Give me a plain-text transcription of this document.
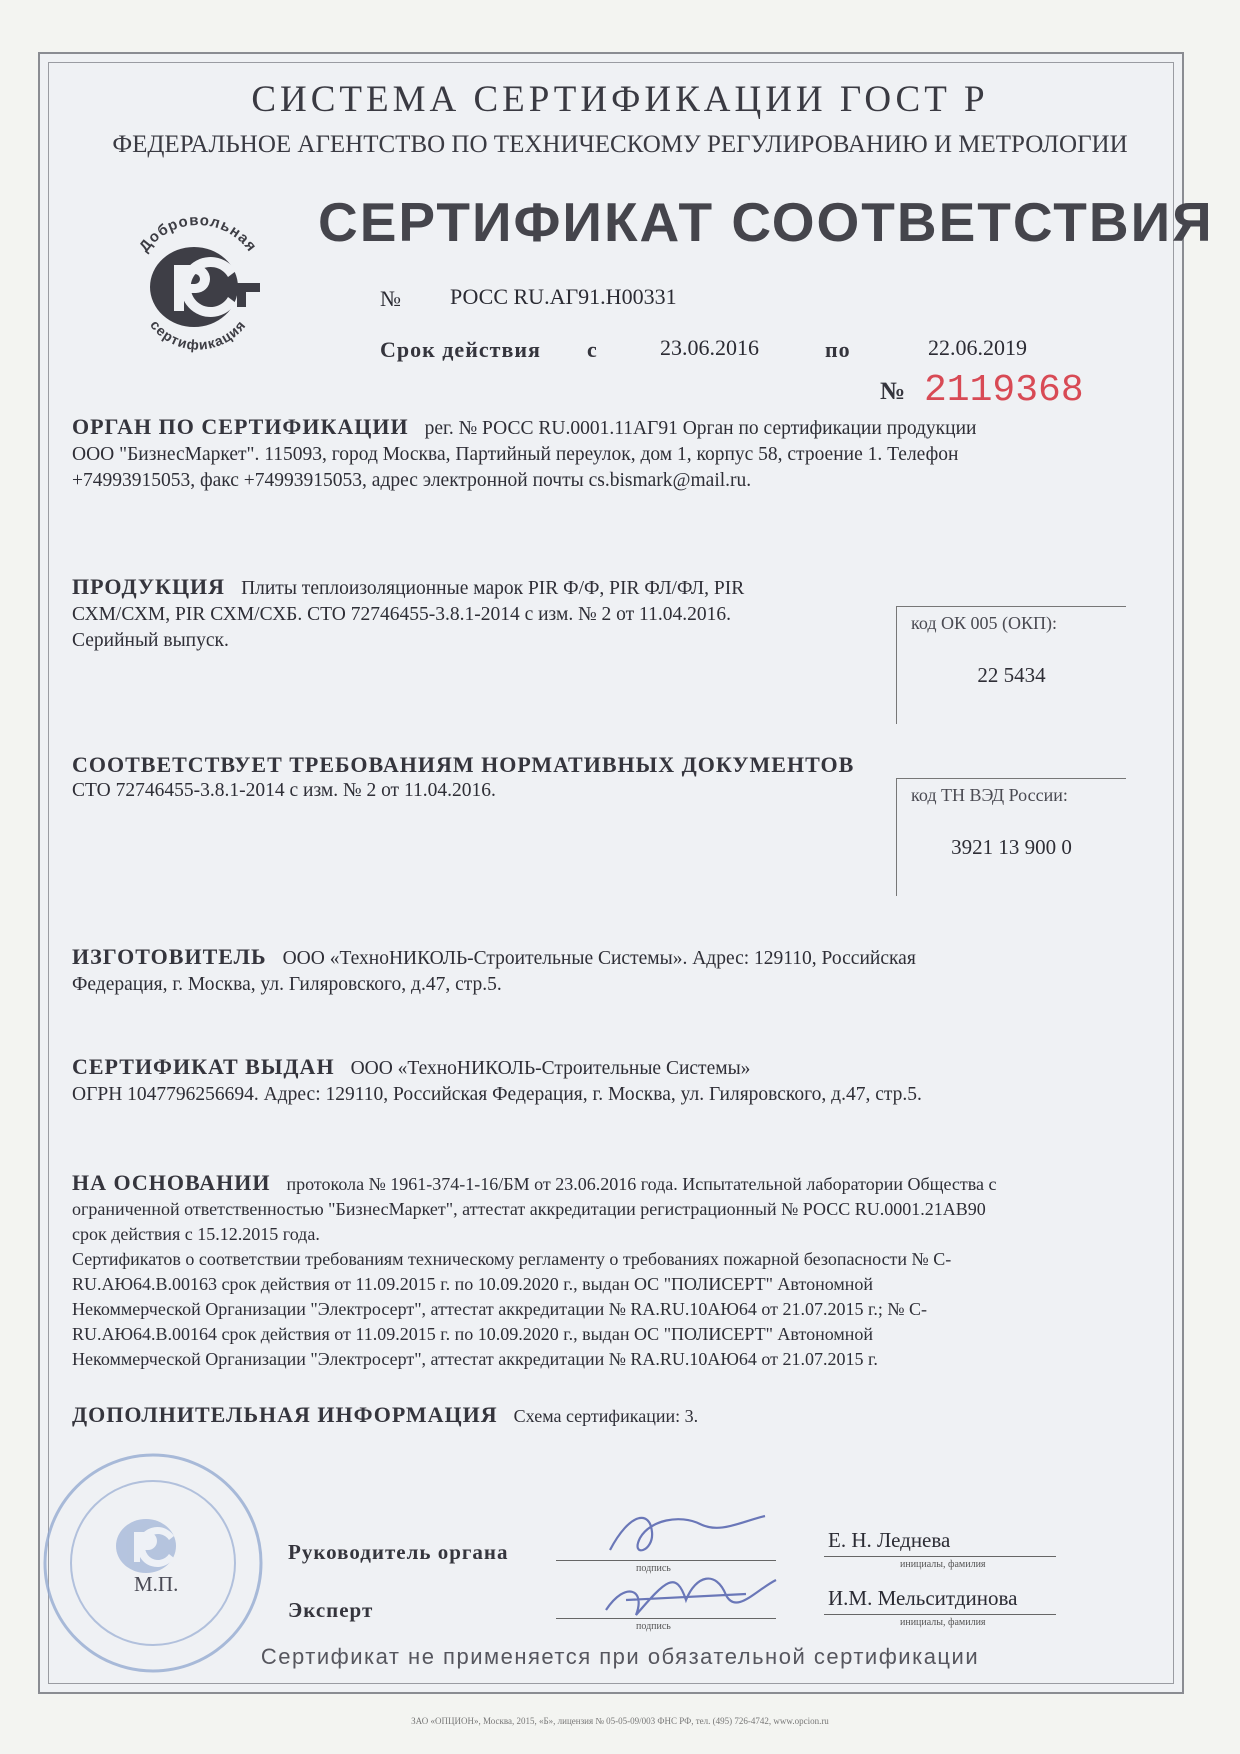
СИСТЕМА СЕРТИФИКАЦИИ ГОСТ Р
ФЕДЕРАЛЬНОЕ АГЕНТСТВО ПО ТЕХНИЧЕСКОМУ РЕГУЛИРОВАНИЮ И МЕТРОЛОГИИ
Добровольная
сертификация
СЕРТИФИКАТ СООТВЕТСТВИЯ
№ РОСС RU.АГ91.Н00331
Срок действия с	23.06.2016	по	22.06.2019
№ 2119368
ОРГАН ПО СЕРТИФИКАЦИИ рег. № РОСС RU.0001.11АГ91 Орган по сертификации продукции
ООО "БизнесМаркет". 115093, город Москва, Партийный переулок, дом 1, корпус 58, строение 1. Телефон
+74993915053, факс +74993915053, адрес электронной почты cs.bismark@mail.ru.
ПРОДУКЦИЯ Плиты теплоизоляционные марок PIR Ф/Ф, PIR ФЛ/ФЛ, PIR
СХМ/СХМ, PIR СХМ/СХБ. СТО 72746455-3.8.1-2014 с изм. № 2 от 11.04.2016.
Серийный выпуск.
код ОК 005 (ОКП):
22 5434
СООТВЕТСТВУЕТ ТРЕБОВАНИЯМ НОРМАТИВНЫХ ДОКУМЕНТОВ
СТО 72746455-3.8.1-2014 с изм. № 2 от 11.04.2016.	код ТН ВЭД России:
3921 13 900 0
ИЗГОТОВИТЕЛЬ ООО «ТехноНИКОЛЬ-Строительные Системы». Адрес: 129110, Российская
Федерация, г. Москва, ул. Гиляровского, д.47, стр.5.
СЕРТИФИКАТ ВЫДАН ООО «ТехноНИКОЛЬ-Строительные Системы»
ОГРН 1047796256694. Адрес: 129110, Российская Федерация, г. Москва, ул. Гиляровского, д.47, стр.5.
НА ОСНОВАНИИ протокола № 1961-374-1-16/БМ от 23.06.2016 года. Испытательной лаборатории Общества с
ограниченной ответственностью "БизнесМаркет", аттестат аккредитации регистрационный № РОСС RU.0001.21АВ90
срок действия с 15.12.2015 года.
Сертификатов о соответствии требованиям техническому регламенту о требованиях пожарной безопасности № С-
RU.АЮ64.В.00163 срок действия от 11.09.2015 г. по 10.09.2020 г., выдан ОС "ПОЛИСЕРТ" Автономной
Некоммерческой Организации "Электросерт", аттестат аккредитации № RA.RU.10АЮ64 от 21.07.2015 г.; № С-
RU.АЮ64.В.00164 срок действия от 11.09.2015 г. по 10.09.2020 г., выдан ОС "ПОЛИСЕРТ" Автономной
Некоммерческой Организации "Электросерт", аттестат аккредитации № RA.RU.10АЮ64 от 21.07.2015 г.
ДОПОЛНИТЕЛЬНАЯ ИНФОРМАЦИЯ Схема сертификации: 3.
М.П.
Руководитель органа
подпись
Е. Н. Леднева
инициалы, фамилия
Эксперт
подпись
И.М. Мельситдинова
инициалы, фамилия
Сертификат не применяется при обязательной сертификации
ЗАО «ОПЦИОН», Москва, 2015, «Б», лицензия № 05-05-09/003 ФНС РФ, тел. (495) 726-4742, www.opcion.ru
